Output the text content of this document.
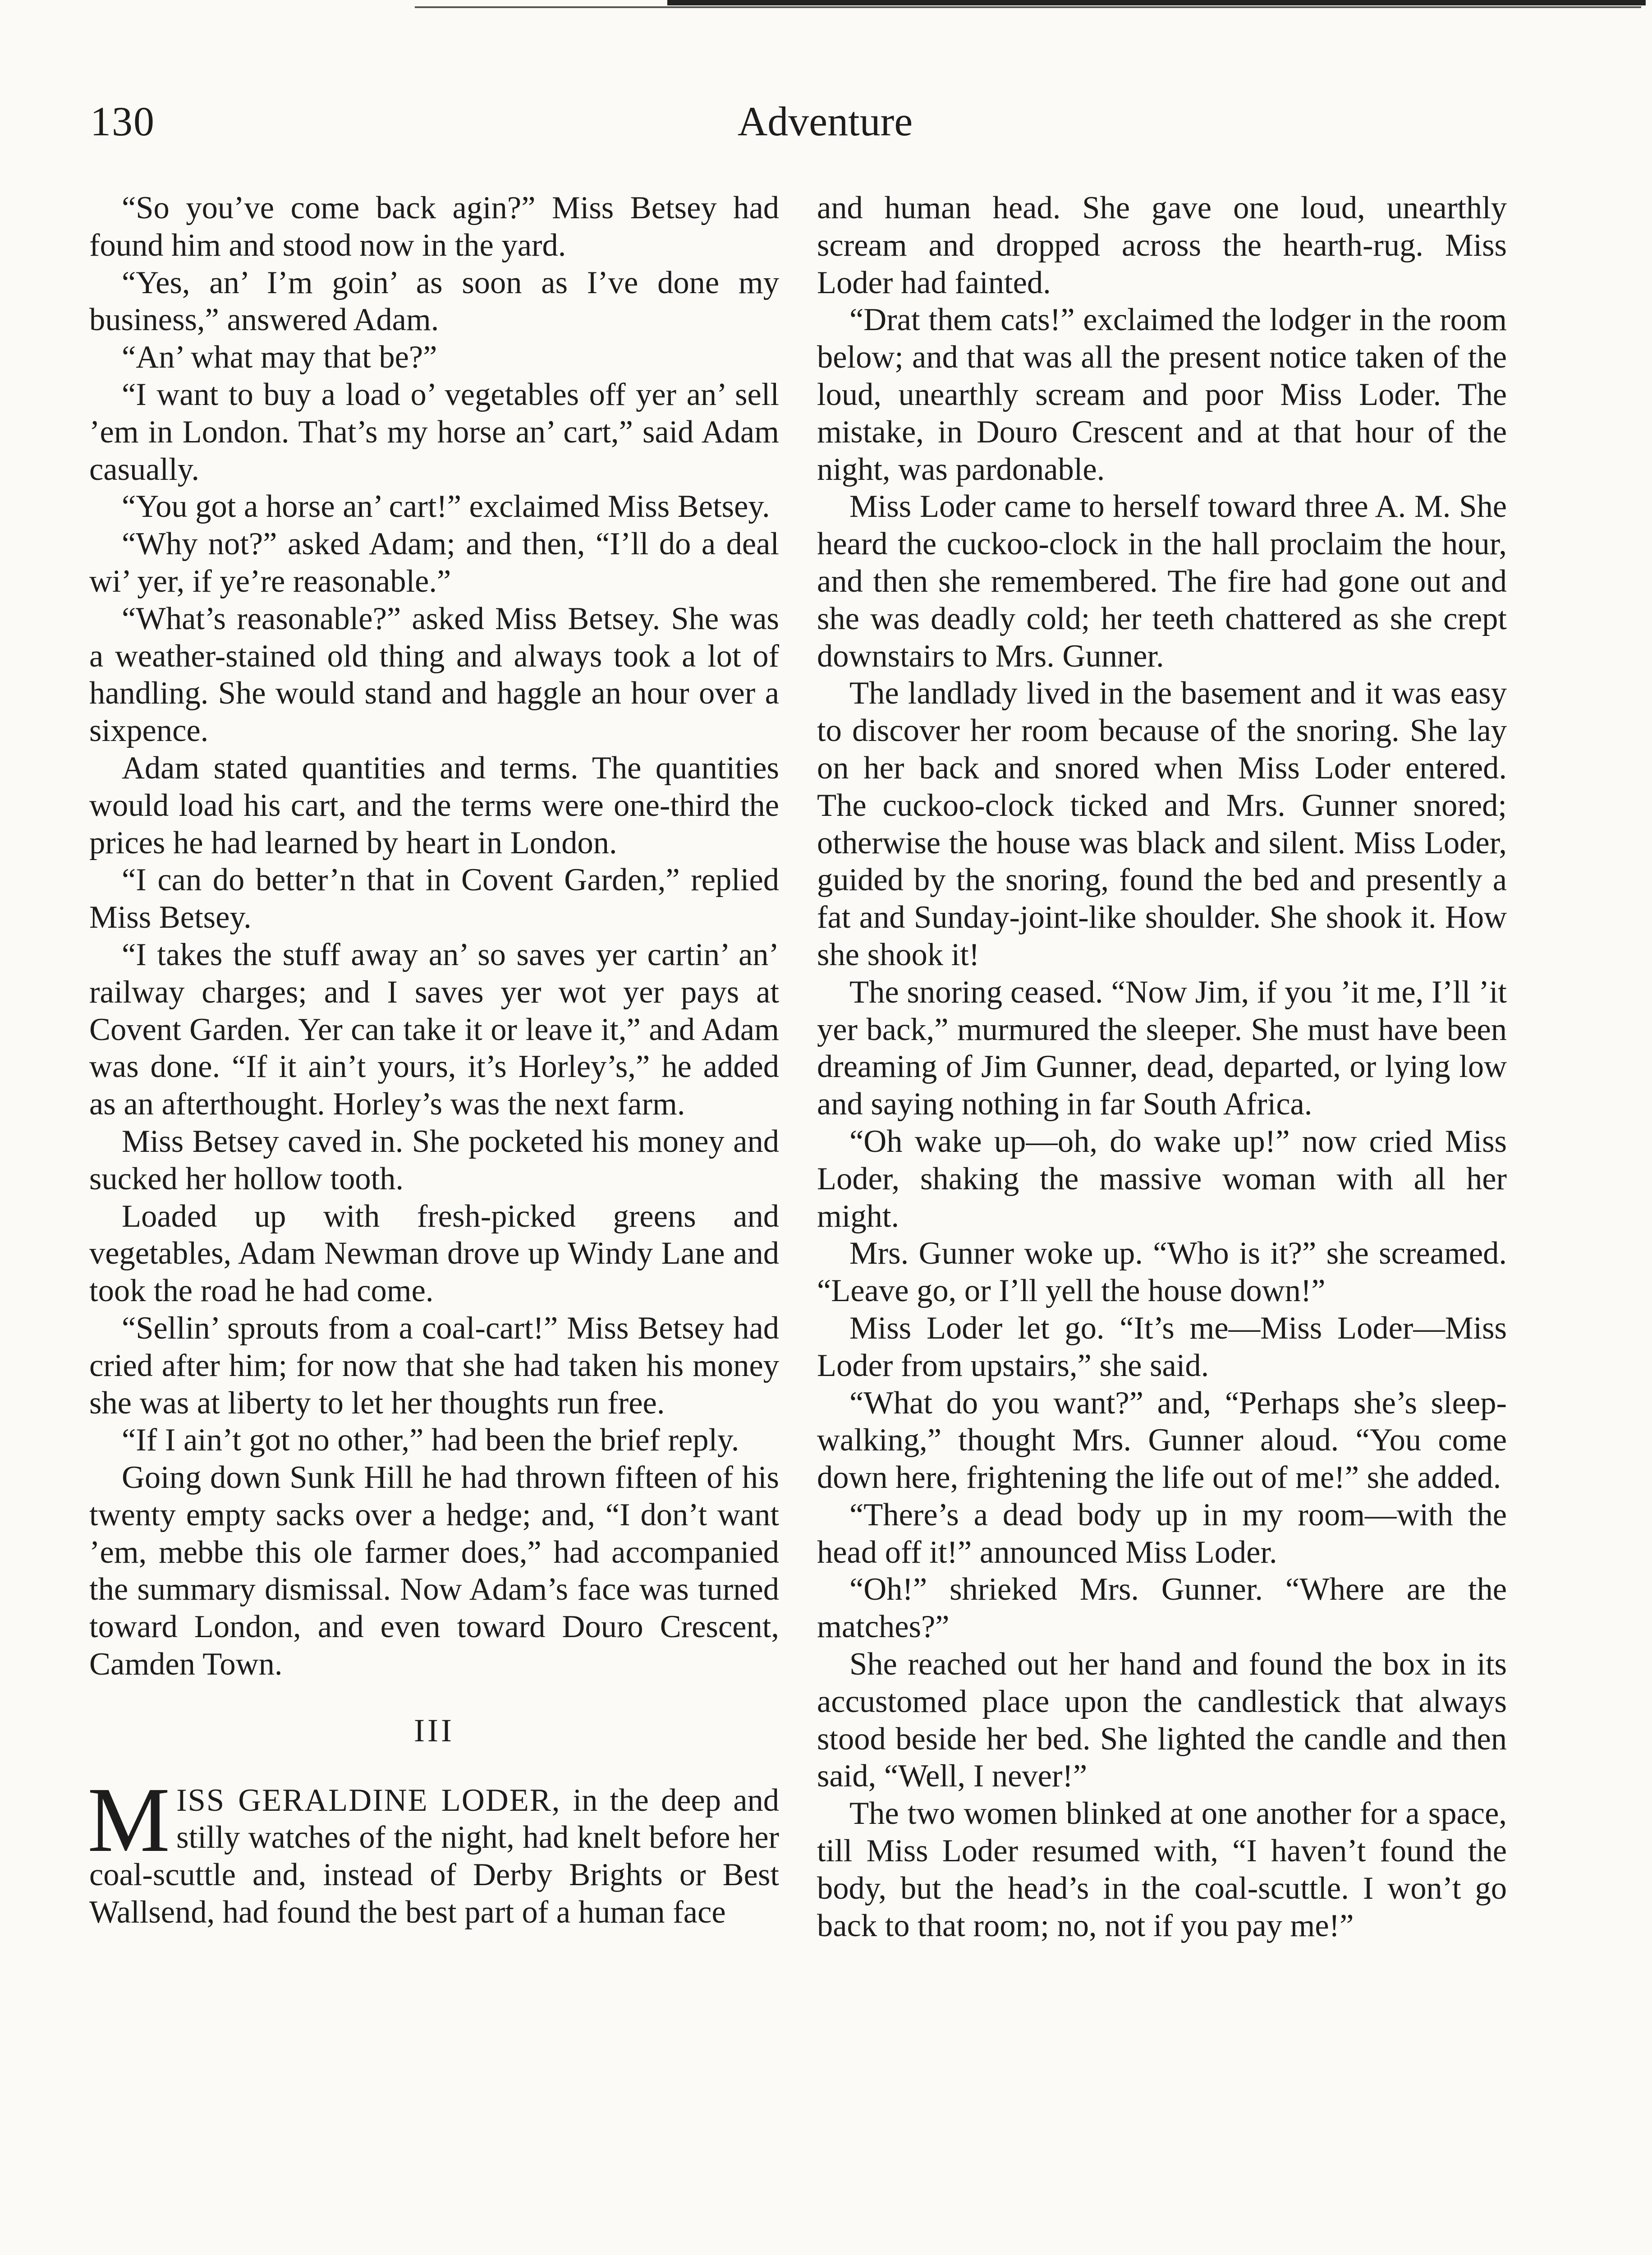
130	Adventure

“So you’ve come back agin?” Miss Betsey had found him and stood now in the yard.

“Yes, an’ I’m goin’ as soon as I’ve done my business,” answered Adam.

“An’ what may that be?”

“I want to buy a load o’ vegetables off yer an’ sell ’em in London. That’s my horse an’ cart,” said Adam casually.

“You got a horse an’ cart!” exclaimed Miss Betsey.

“Why not?” asked Adam; and then, “I’ll do a deal wi’ yer, if ye’re reasonable.”

“What’s reasonable?” asked Miss Betsey. She was a weather-stained old thing and always took a lot of handling. She would stand and haggle an hour over a sixpence.

Adam stated quantities and terms. The quantities would load his cart, and the terms were one-third the prices he had learned by heart in London.

“I can do better’n that in Covent Garden,” replied Miss Betsey.

“I takes the stuff away an’ so saves yer cartin’ an’ railway charges; and I saves yer wot yer pays at Covent Garden. Yer can take it or leave it,” and Adam was done. “If it ain’t yours, it’s Horley’s,” he added as an afterthought. Horley’s was the next farm.

Miss Betsey caved in. She pocketed his money and sucked her hollow tooth.

Loaded up with fresh-picked greens and vegetables, Adam Newman drove up Windy Lane and took the road he had come.

“Sellin’ sprouts from a coal-cart!” Miss Betsey had cried after him; for now that she had taken his money she was at liberty to let her thoughts run free.

“If I ain’t got no other,” had been the brief reply.

Going down Sunk Hill he had thrown fifteen of his twenty empty sacks over a hedge; and, “I don’t want ’em, mebbe this ole farmer does,” had accompanied the summary dismissal. Now Adam’s face was turned toward London, and even toward Douro Crescent, Camden Town.

III

MISS GERALDINE LODER, in the deep and stilly watches of the night, had knelt before her coal-scuttle and, instead of Derby Brights or Best Wallsend, had found the best part of a human face

and human head. She gave one loud, unearthly scream and dropped across the hearth-rug. Miss Loder had fainted.

“Drat them cats!” exclaimed the lodger in the room below; and that was all the present notice taken of the loud, unearthly scream and poor Miss Loder. The mistake, in Douro Crescent and at that hour of the night, was pardonable.

Miss Loder came to herself toward three A. M. She heard the cuckoo-clock in the hall proclaim the hour, and then she remembered. The fire had gone out and she was deadly cold; her teeth chattered as she crept downstairs to Mrs. Gunner.

The landlady lived in the basement and it was easy to discover her room because of the snoring. She lay on her back and snored when Miss Loder entered. The cuckoo-clock ticked and Mrs. Gunner snored; otherwise the house was black and silent. Miss Loder, guided by the snoring, found the bed and presently a fat and Sunday-joint-like shoulder. She shook it. How she shook it!

The snoring ceased. “Now Jim, if you ’it me, I’ll ’it yer back,” murmured the sleeper. She must have been dreaming of Jim Gunner, dead, departed, or lying low and saying nothing in far South Africa.

“Oh wake up—oh, do wake up!” now cried Miss Loder, shaking the massive woman with all her might.

Mrs. Gunner woke up. “Who is it?” she screamed. “Leave go, or I’ll yell the house down!”

Miss Loder let go. “It’s me—Miss Loder—Miss Loder from upstairs,” she said.

“What do you want?” and, “Perhaps she’s sleep-walking,” thought Mrs. Gunner aloud. “You come down here, frightening the life out of me!” she added.

“There’s a dead body up in my room—with the head off it!” announced Miss Loder.

“Oh!” shrieked Mrs. Gunner. “Where are the matches?”

She reached out her hand and found the box in its accustomed place upon the candlestick that always stood beside her bed. She lighted the candle and then said, “Well, I never!”

The two women blinked at one another for a space, till Miss Loder resumed with, “I haven’t found the body, but the head’s in the coal-scuttle. I won’t go back to that room; no, not if you pay me!”
